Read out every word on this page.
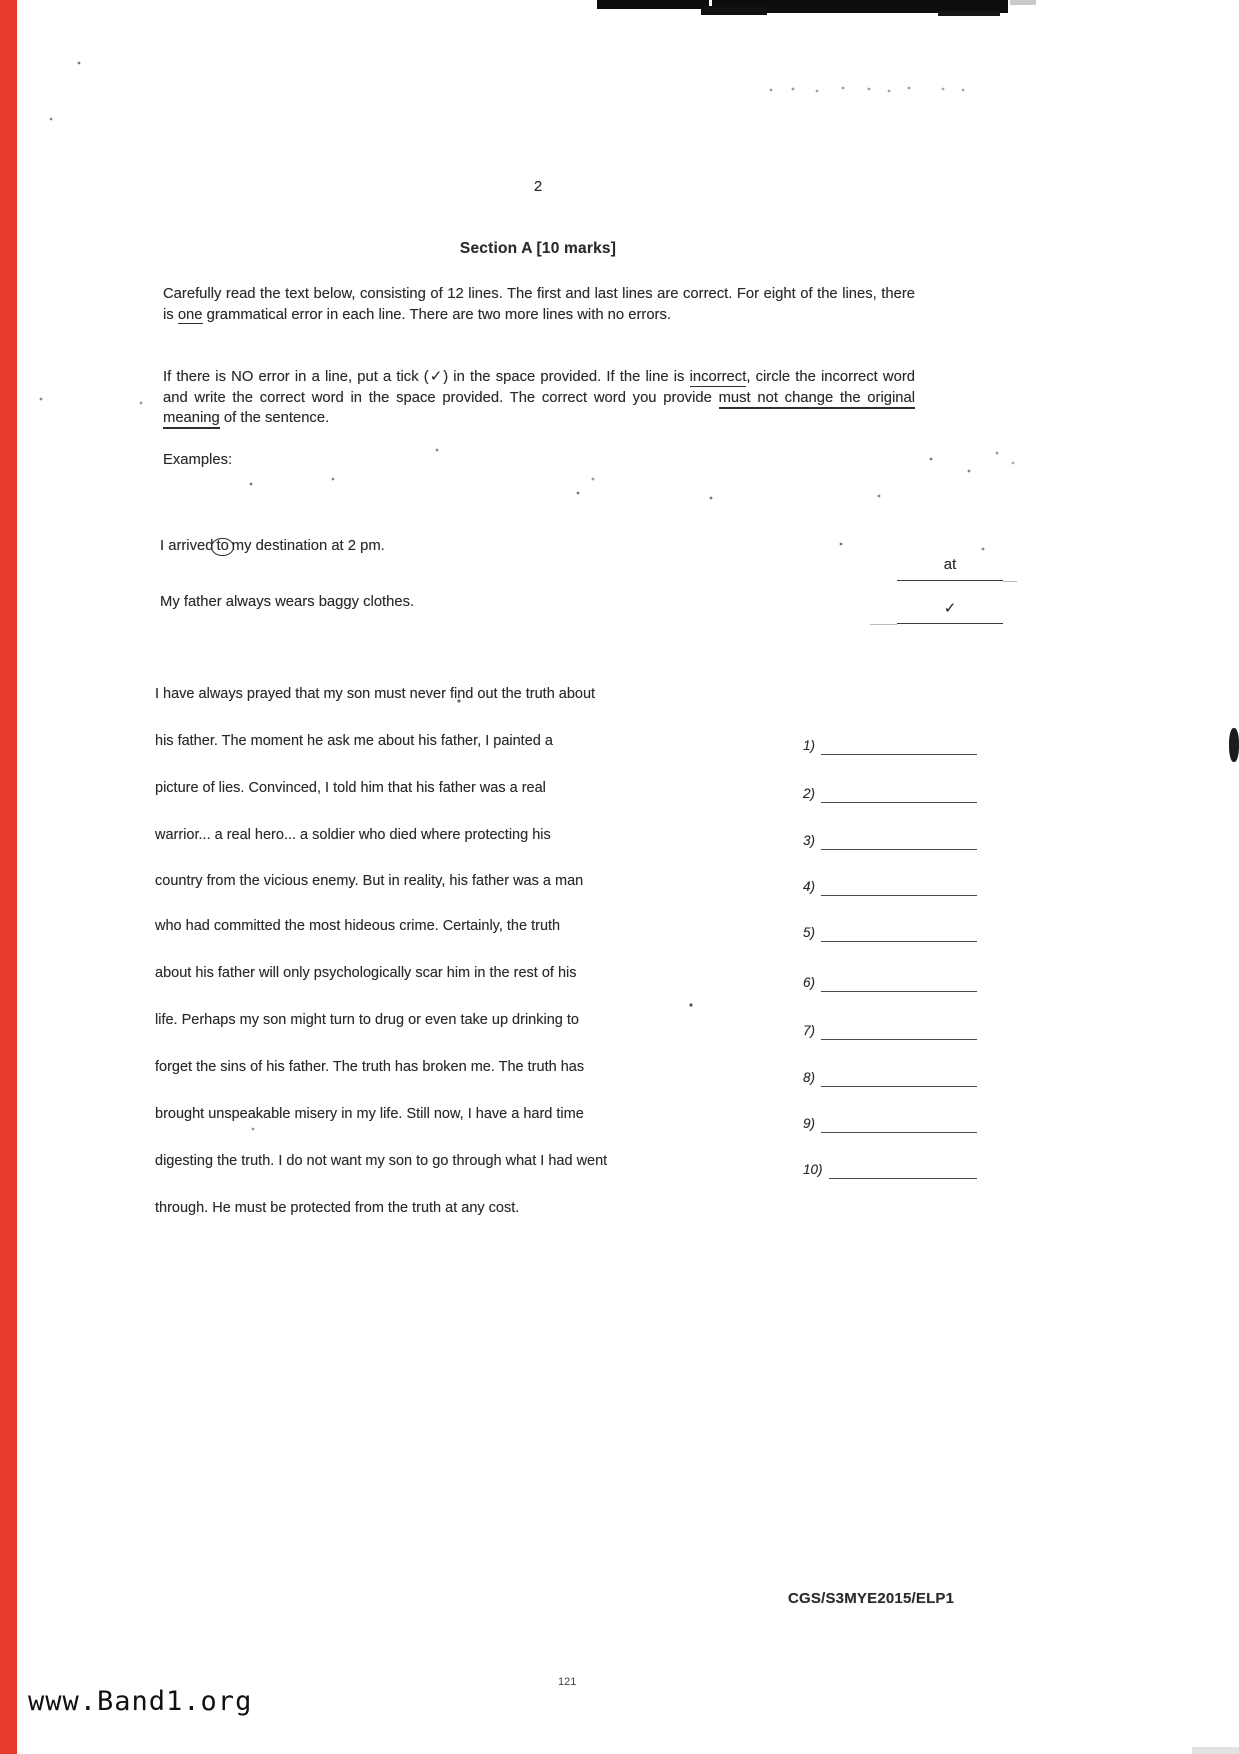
2
Section A [10 marks]

Carefully read the text below, consisting of 12 lines. The first and last lines are correct. For eight of the lines, there is one grammatical error in each line. There are two more lines with no errors.

If there is NO error in a line, put a tick (✓) in the space provided. If the line is incorrect, circle the incorrect word and write the correct word in the space provided. The correct word you provide must not change the original meaning of the sentence.

Examples:
I arrived to my destination at 2 pm.
My father always wears baggy clothes.
at
✓
I have always prayed that my son must never find out the truth about
his father. The moment he ask me about his father, I painted a
picture of lies. Convinced, I told him that his father was a real
warrior... a real hero... a soldier who died where protecting his
country from the vicious enemy. But in reality, his father was a man
who had committed the most hideous crime. Certainly, the truth
about his father will only psychologically scar him in the rest of his
life. Perhaps my son might turn to drug or even take up drinking to
forget the sins of his father. The truth has broken me. The truth has
brought unspeakable misery in my life. Still now, I have a hard time
digesting the truth. I do not want my son to go through what I had went
through. He must be protected from the truth at any cost.
1)
2)
3)
4)
5)
6)
7)
8)
9)
10)
CGS/S3MYE2015/ELP1
121
www.Band1.org
